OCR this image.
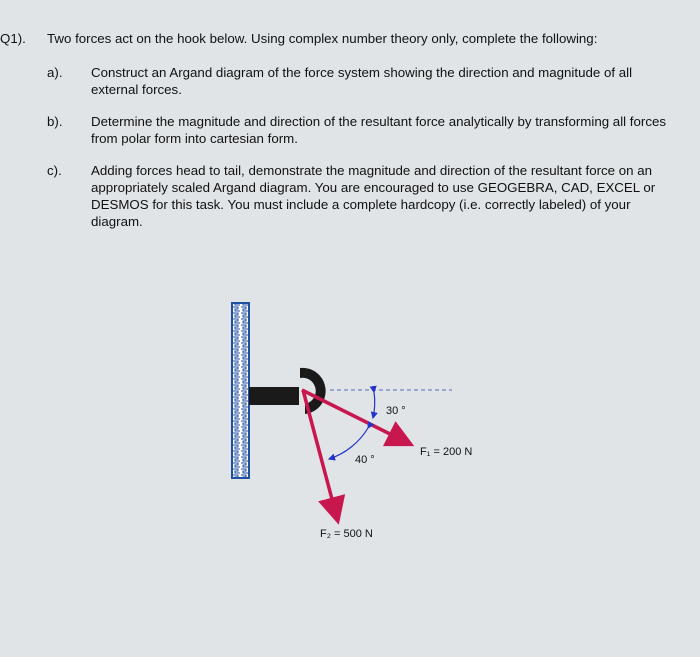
Q1). Two forces act on the hook below. Using complex number theory only, complete the following:
a). Construct an Argand diagram of the force system showing the direction and magnitude of all external forces.
b). Determine the magnitude and direction of the resultant force analytically by transforming all forces from polar form into cartesian form.
c). Adding forces head to tail, demonstrate the magnitude and direction of the resultant force on an appropriately scaled Argand diagram. You are encouraged to use GEOGEBRA, CAD, EXCEL or DESMOS for this task. You must include a complete hardcopy (i.e. correctly labeled) of your diagram.
30 °
40 °
F₁ = 200 N
F₂ = 500 N
